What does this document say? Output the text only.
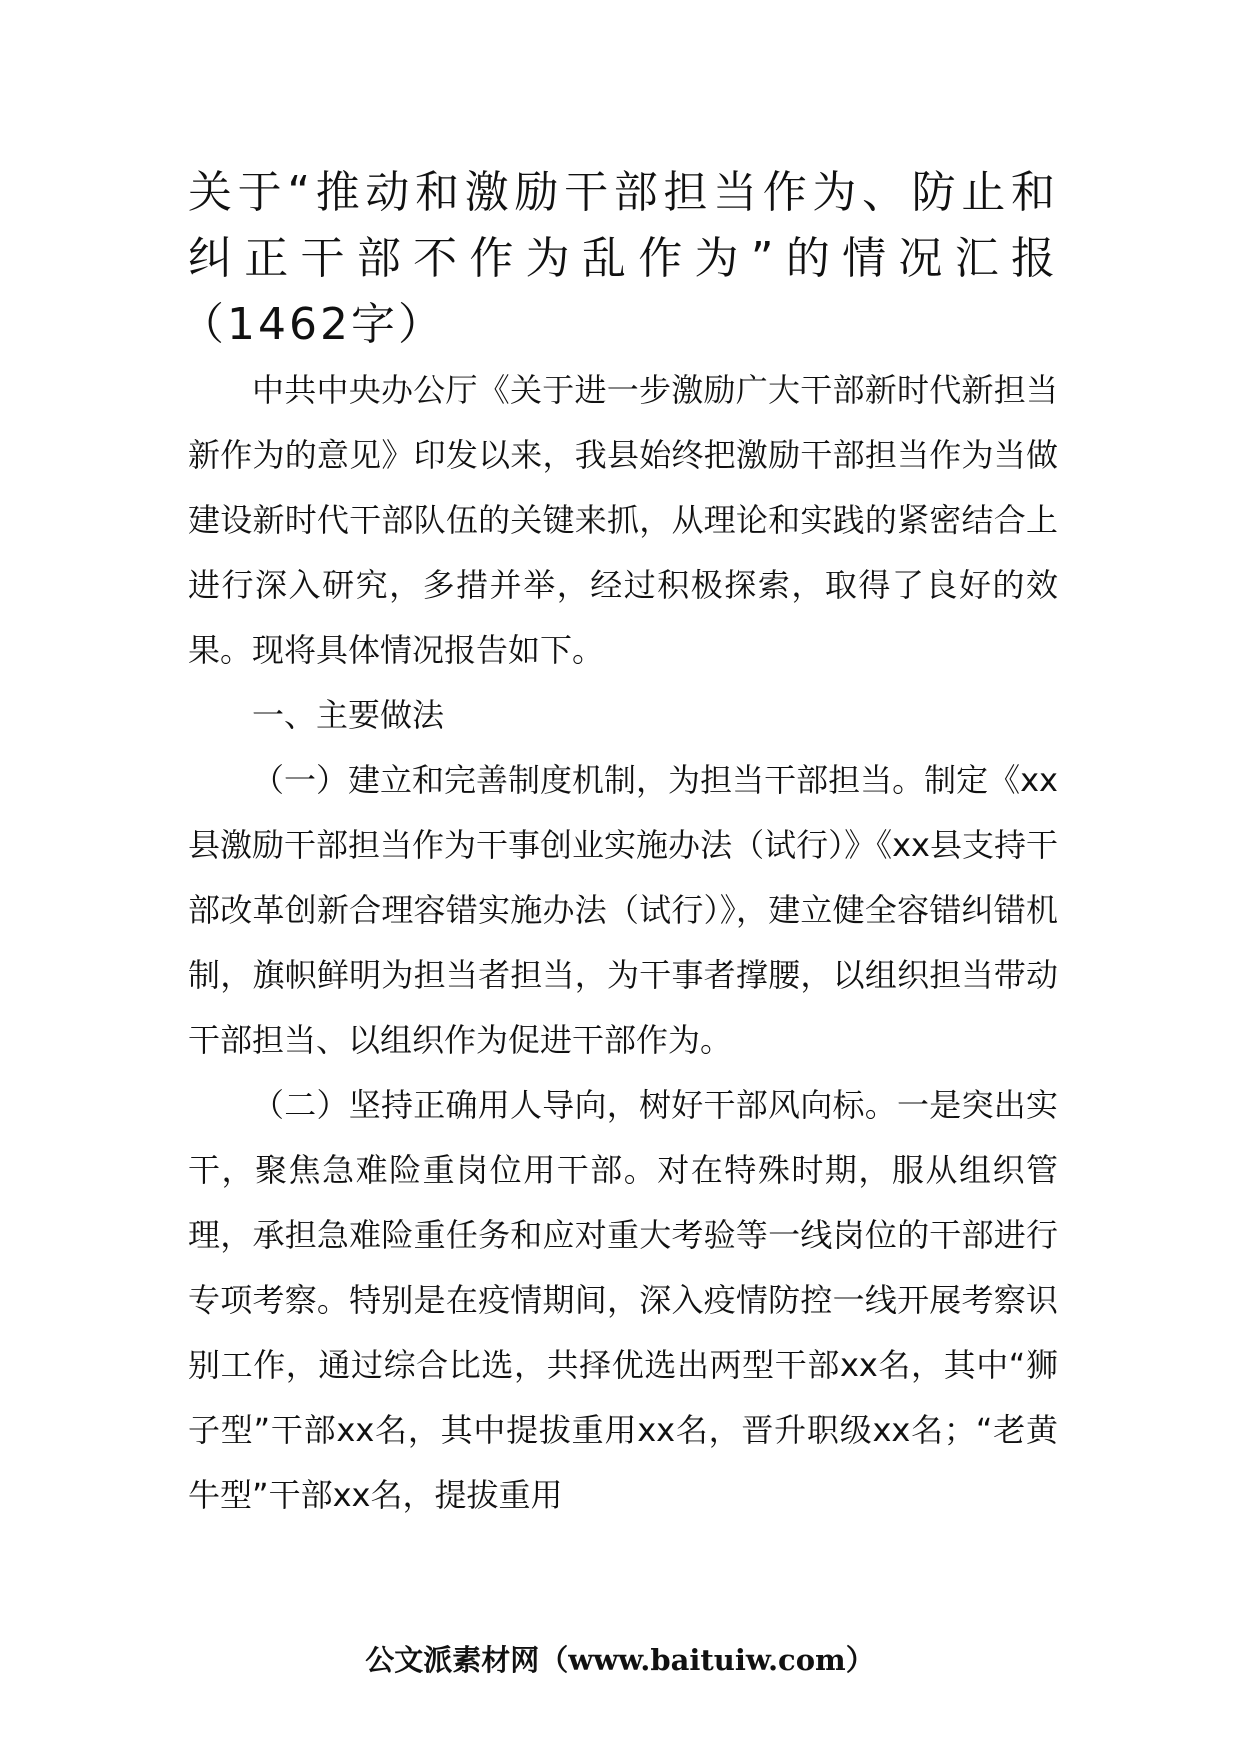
关于“推动和激励干部担当作为、防止和纠正干部不作为乱作为”的情况汇报
（1462字）

中共中央办公厅《关于进一步激励广大干部新时代新担当新作为的意见》印发以来，我县始终把激励干部担当作为当做建设新时代干部队伍的关键来抓，从理论和实践的紧密结合上进行深入研究，多措并举，经过积极探索，取得了良好的效果。现将具体情况报告如下。

一、主要做法

（一）建立和完善制度机制，为担当干部担当。制定《xx县激励干部担当作为干事创业实施办法（试行）》《xx县支持干部改革创新合理容错实施办法（试行）》，建立健全容错纠错机制，旗帜鲜明为担当者担当，为干事者撑腰，以组织担当带动干部担当、以组织作为促进干部作为。

（二）坚持正确用人导向，树好干部风向标。一是突出实干，聚焦急难险重岗位用干部。对在特殊时期，服从组织管理，承担急难险重任务和应对重大考验等一线岗位的干部进行专项考察。特别是在疫情期间，深入疫情防控一线开展考察识别工作，通过综合比选，共择优选出两型干部xx名，其中“狮子型”干部xx名，其中提拔重用xx名，晋升职级xx名；“老黄牛型”干部xx名，提拔重用

公文派素材网（www.baituiw.com）
